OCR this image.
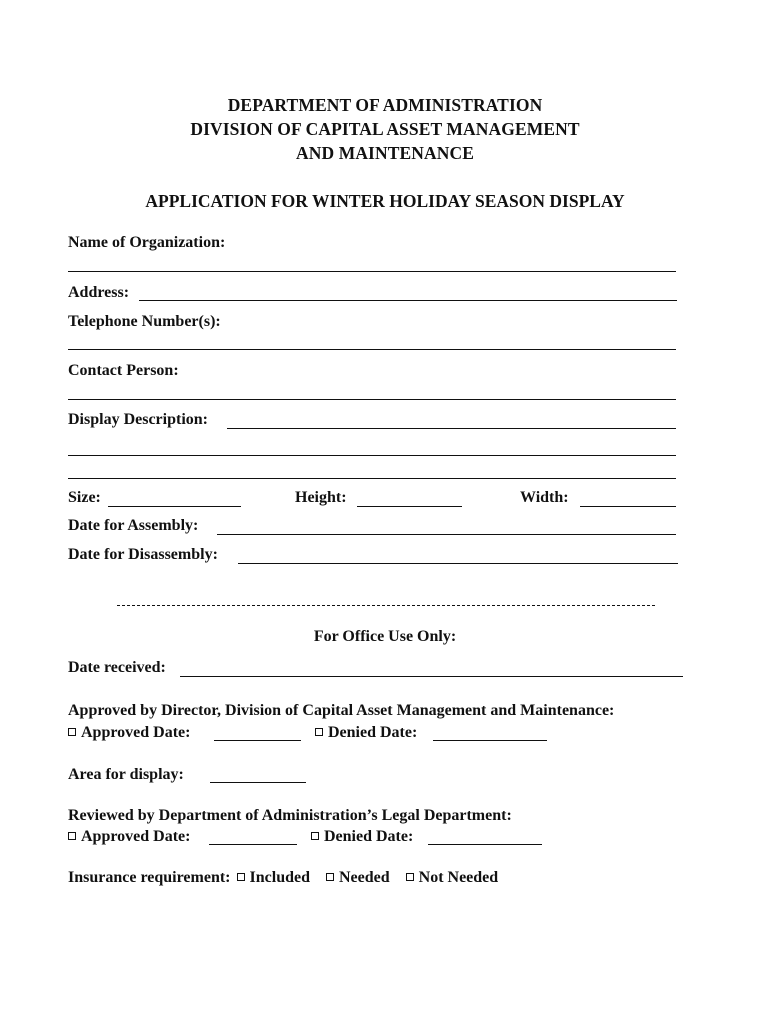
DEPARTMENT OF ADMINISTRATION
DIVISION OF CAPITAL ASSET MANAGEMENT
AND MAINTENANCE
APPLICATION FOR WINTER HOLIDAY SEASON DISPLAY
Name of Organization:
Address:
Telephone Number(s):
Contact Person:
Display Description:
Size:	Height:	Width:
Date for Assembly:
Date for Disassembly:
For Office Use Only:
Date received:
Approved by Director, Division of Capital Asset Management and Maintenance:
Approved Date:	Denied Date:
Area for display:
Reviewed by Department of Administration’s Legal Department:
Approved Date:	Denied Date:
Insurance requirement: Included Needed Not Needed
